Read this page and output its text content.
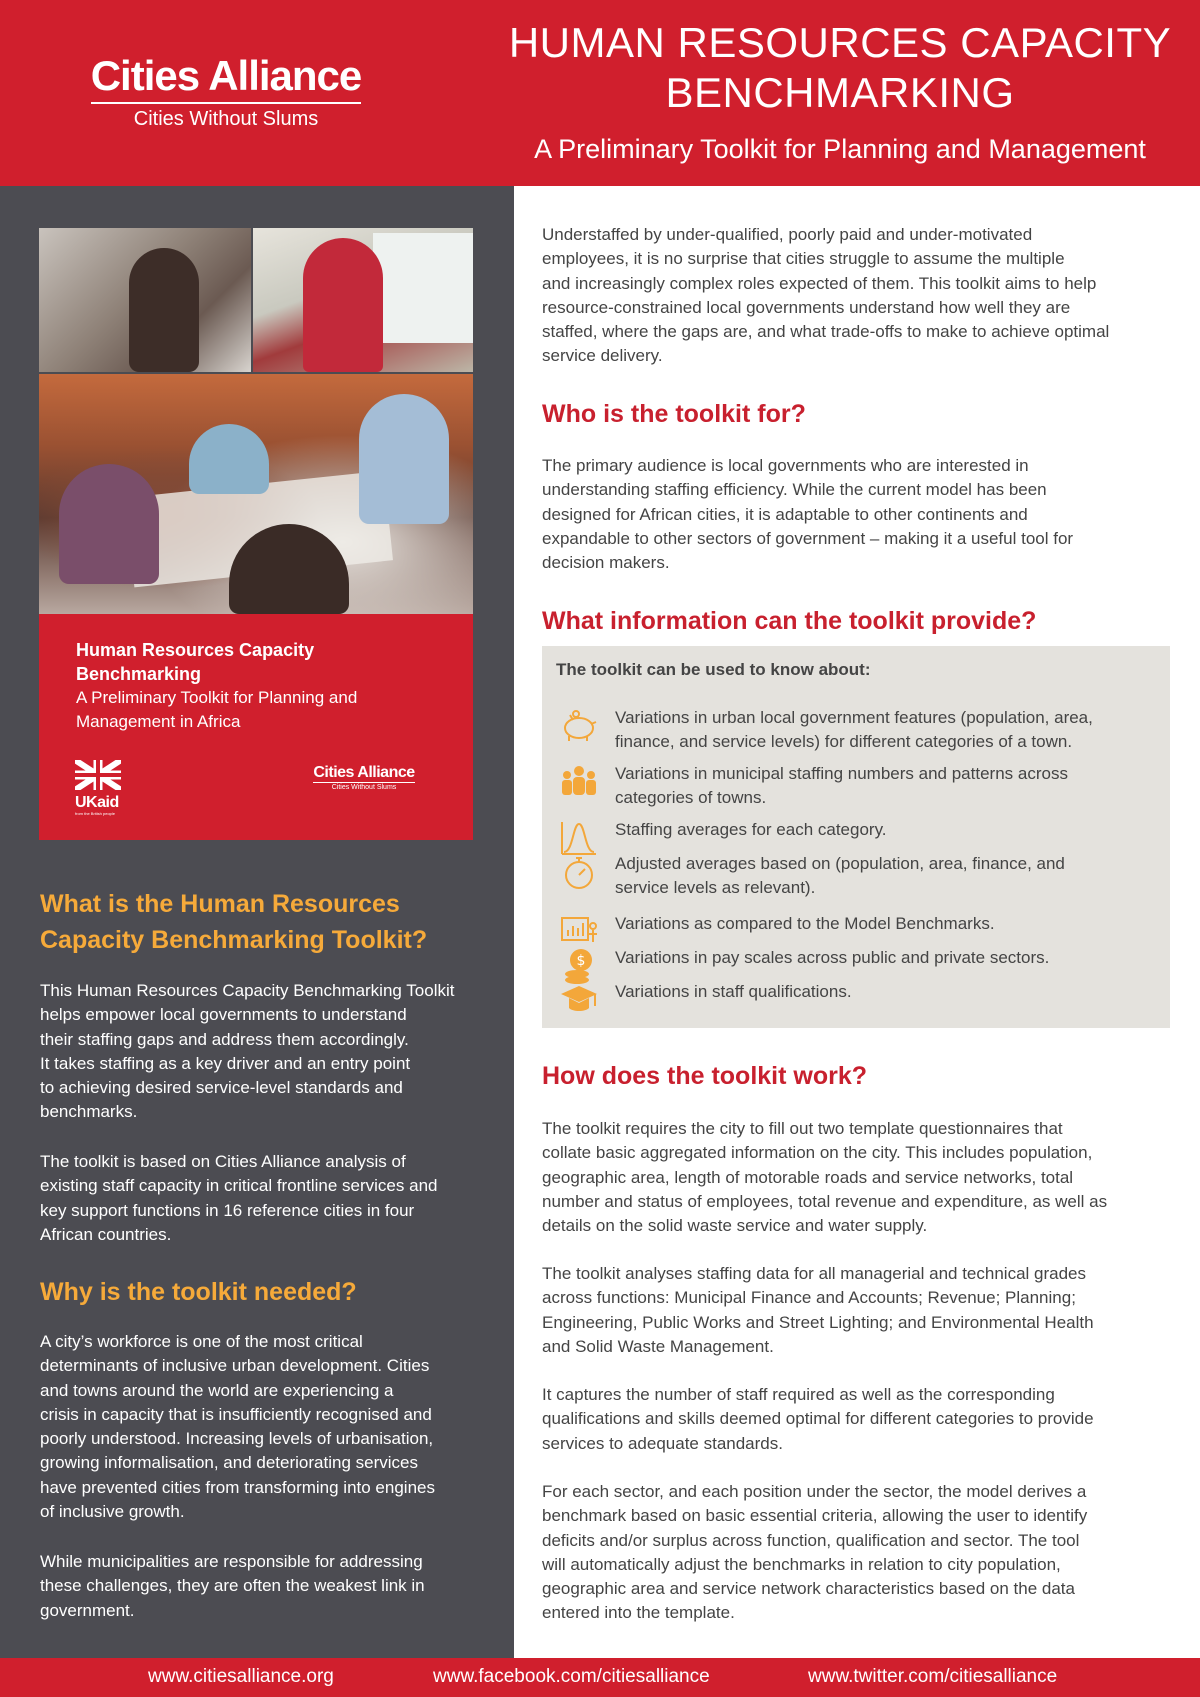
Cities Alliance
Cities Without Slums
HUMAN RESOURCES CAPACITY
BENCHMARKING
A Preliminary Toolkit for Planning and Management
Human Resources Capacity
Benchmarking
A Preliminary Toolkit for Planning and
Management in Africa
UKaid
from the British people
Cities Alliance
Cities Without Slums
What is the Human Resources
Capacity Benchmarking Toolkit?
This Human Resources Capacity Benchmarking Toolkit
helps empower local governments to understand
their staffing gaps and address them accordingly.
It takes staffing as a key driver and an entry point
to achieving desired service-level standards and
benchmarks.
The toolkit is based on Cities Alliance analysis of
existing staff capacity in critical frontline services and
key support functions in 16 reference cities in four
African countries.
Why is the toolkit needed?
A city’s workforce is one of the most critical
determinants of inclusive urban development. Cities
and towns around the world are experiencing a
crisis in capacity that is insufficiently recognised and
poorly understood. Increasing levels of urbanisation,
growing informalisation, and deteriorating services
have prevented cities from transforming into engines
of inclusive growth.
While municipalities are responsible for addressing
these challenges, they are often the weakest link in
government.
Understaffed by under-qualified, poorly paid and under-motivated
employees, it is no surprise that cities struggle to assume the multiple
and increasingly complex roles expected of them. This toolkit aims to help
resource-constrained local governments understand how well they are
staffed, where the gaps are, and what trade-offs to make to achieve optimal
service delivery.
Who is the toolkit for?
The primary audience is local governments who are interested in
understanding staffing efficiency. While the current model has been
designed for African cities, it is adaptable to other continents and
expandable to other sectors of government – making it a useful tool for
decision makers.
What information can the toolkit provide?
The toolkit can be used to know about:
Variations in urban local government features (population, area,
finance, and service levels) for different categories of a town.
Variations in municipal staffing numbers and patterns across
categories of towns.
Staffing averages for each category.
Adjusted averages based on (population, area, finance, and
service levels as relevant).
Variations as compared to the Model Benchmarks.
$ Variations in pay scales across public and private sectors.
Variations in staff qualifications.
How does the toolkit work?
The toolkit requires the city to fill out two template questionnaires that
collate basic aggregated information on the city. This includes population,
geographic area, length of motorable roads and service networks, total
number and status of employees, total revenue and expenditure, as well as
details on the solid waste service and water supply.
The toolkit analyses staffing data for all managerial and technical grades
across functions: Municipal Finance and Accounts; Revenue; Planning;
Engineering, Public Works and Street Lighting; and Environmental Health
and Solid Waste Management.
It captures the number of staff required as well as the corresponding
qualifications and skills deemed optimal for different categories to provide
services to adequate standards.
For each sector, and each position under the sector, the model derives a
benchmark based on basic essential criteria, allowing the user to identify
deficits and/or surplus across function, qualification and sector. The tool
will automatically adjust the benchmarks in relation to city population,
geographic area and service network characteristics based on the data
entered into the template.
www.citiesalliance.org	www.facebook.com/citiesalliance	www.twitter.com/citiesalliance
